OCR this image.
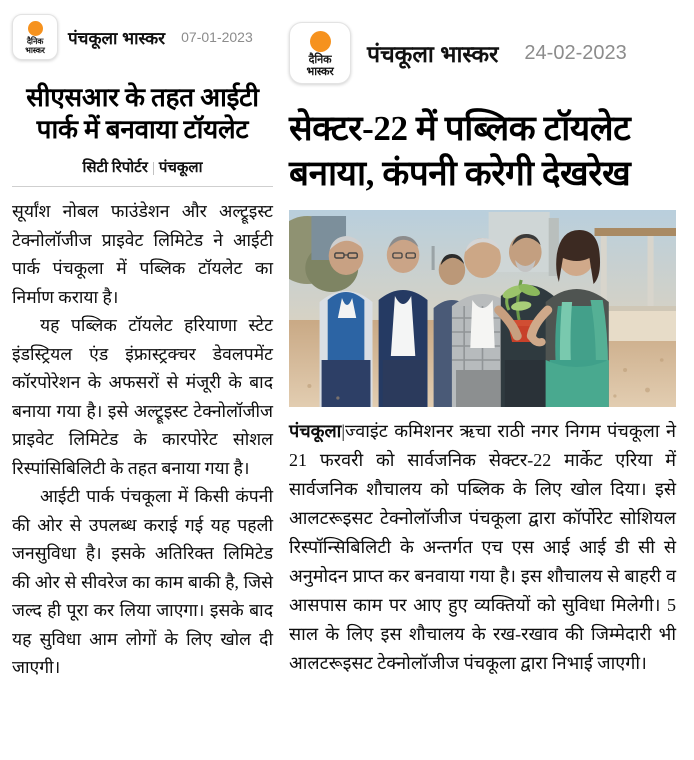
दैनिक
भास्कर
पंचकूला भास्कर 07-01-2023
सीएसआर के तहत आईटी पार्क में बनवाया टॉयलेट
सिटी रिपोर्टर | पंचकूला

सूर्यांश नोबल फाउंडेशन और अल्ट्रूइस्ट टेक्नोलॉजीज प्राइवेट लिमिटेड ने आईटी पार्क पंचकूला में पब्लिक टॉयलेट का निर्माण कराया है।

यह पब्लिक टॉयलेट हरियाणा स्टेट इंडस्ट्रियल एंड इंफ्रास्ट्रक्चर डेवलपमेंट कॉरपोरेशन के अफसरों से मंजूरी के बाद बनाया गया है। इसे अल्ट्रूइस्ट टेक्नोलॉजीज प्राइवेट लिमिटेड के कारपोरेट सोशल रिस्पांसिबिलिटी के तहत बनाया गया है।

आईटी पार्क पंचकूला में किसी कंपनी की ओर से उपलब्ध कराई गई यह पहली जनसुविधा है। इसके अतिरिक्त लिमिटेड की ओर से सीवरेज का काम बाकी है, जिसे जल्द ही पूरा कर लिया जाएगा। इसके बाद यह सुविधा आम लोगों के लिए खोल दी जाएगी।

दैनिक
भास्कर
पंचकूला भास्कर 24-02-2023
सेक्टर-22 में पब्लिक टॉयलेट बनाया, कंपनी करेगी देखरेख

पंचकूला|ज्वाइंट कमिशनर ऋचा राठी नगर निगम पंचकूला ने 21 फरवरी को सार्वजनिक सेक्टर-22 मार्केट एरिया में सार्वजनिक शौचालय को पब्लिक के लिए खोल दिया। इसे आलटरूइसट टेक्नोलॉजीज पंचकूला द्वारा कॉर्पोरेट सोशियल रिस्पॉन्सिबिलिटी के अन्तर्गत एच एस आई आई डी सी से अनुमोदन प्राप्त कर बनवाया गया है। इस शौचालय से बाहरी व आसपास काम पर आए हुए व्यक्तियों को सुविधा मिलेगी। 5 साल के लिए इस शौचालय के रख-रखाव की जिम्मेदारी भी आलटरूइसट टेक्नोलॉजीज पंचकूला द्वारा निभाई जाएगी।
